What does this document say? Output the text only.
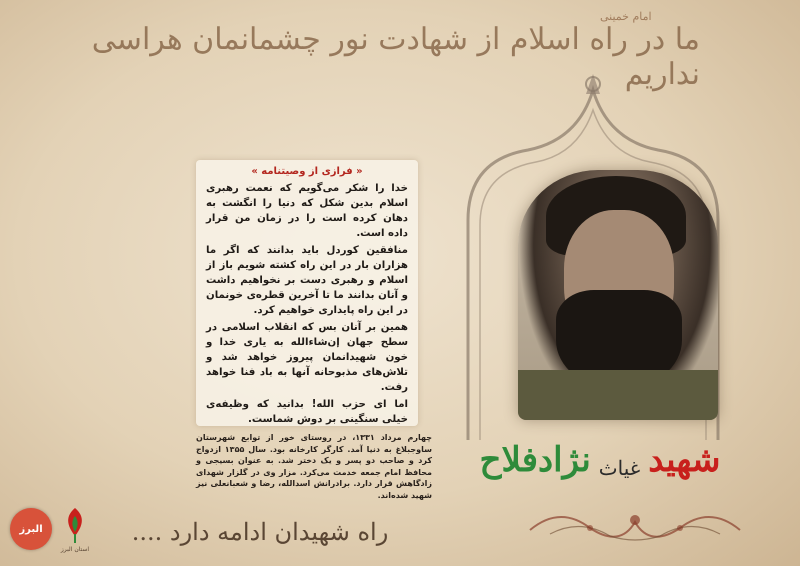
ما در راه اسلام از شهادت نور چشمانمان هراسی نداریم
امام خمینی
« فرازی از وصیتنامه »

خدا را شکر می‌گویم که نعمت رهبری اسلام بدین شکل که دنیا را انگشت به دهان کرده است را در زمان من قرار داده است.

منافقین کوردل باید بدانند که اگر ما هزاران بار در این راه کشته شویم باز از اسلام و رهبری دست بر نخواهیم داشت و آنان بدانند ما تا آخرین قطره‌ی خونمان در این راه پایداری خواهیم کرد.

همین بر آنان بس که انقلاب اسلامی در سطح جهان إن‌شاءالله به یاری خدا و خون شهیدانمان پیروز خواهد شد و تلاش‌های مذبوحانه آنها به باد فنا خواهد رفت.

اما ای حزب الله! بدانید که وظیفه‌ی خیلی سنگینی بر دوش شماست.

چهارم مرداد ۱۳۳۱، در روستای خور از توابع شهرستان ساوجبلاغ به دنیا آمد. کارگر کارخانه بود. سال ۱۳۵۵ ازدواج کرد و صاحب دو پسر و یک دختر شد. به عنوان بسیجی و محافظ امام جمعه خدمت می‌کرد. مزار وی در گلزار شهدای زادگاهش قرار دارد. برادرانش اسدالله، رضا و شعبانعلی نیز شهید شده‌اند.
شهید
غیاث
نژادفلاح
راه شهیدان ادامه دارد ....
البرز
استان البرز
